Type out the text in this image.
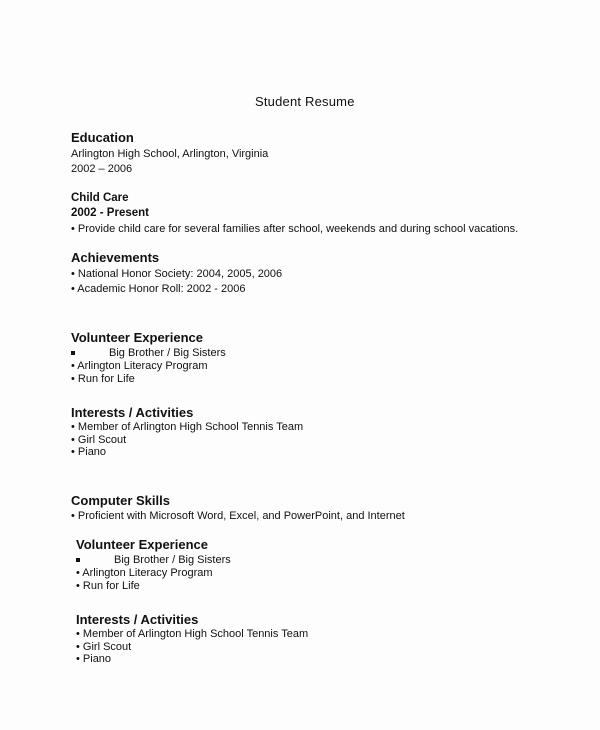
Student Resume
Education
Arlington High School, Arlington, Virginia
2002 – 2006
Child Care
2002 - Present
• Provide child care for several families after school, weekends and during school vacations.
Achievements
• National Honor Society: 2004, 2005, 2006
• Academic Honor Roll: 2002 - 2006
Volunteer Experience
Big Brother / Big Sisters
• Arlington Literacy Program
• Run for Life
Interests / Activities
• Member of Arlington High School Tennis Team
• Girl Scout
• Piano
Computer Skills
• Proficient with Microsoft Word, Excel, and PowerPoint, and Internet
Volunteer Experience
Big Brother / Big Sisters
• Arlington Literacy Program
• Run for Life
Interests / Activities
• Member of Arlington High School Tennis Team
• Girl Scout
• Piano
